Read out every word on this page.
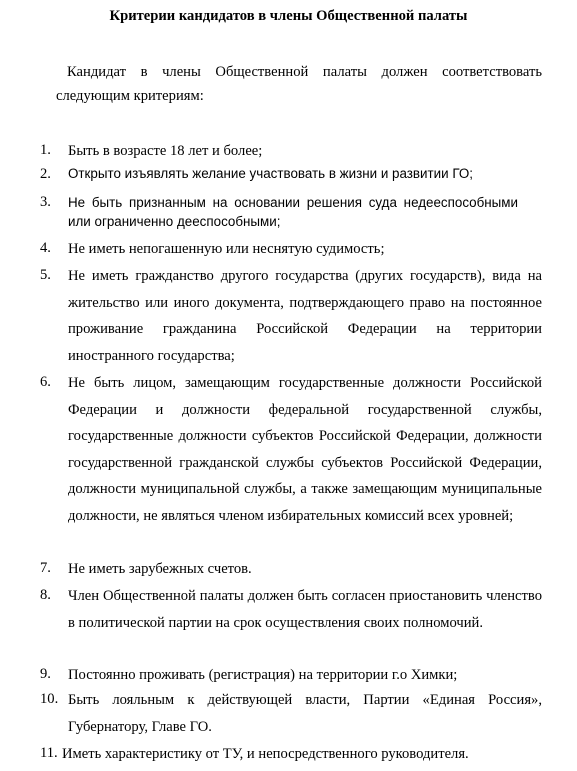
Критерии кандидатов в члены Общественной палаты
Кандидат в члены Общественной палаты должен соответствовать следующим критериям:
1.	Быть в возрасте 18 лет и более;
2.	Открыто изъявлять желание участвовать в жизни и развитии ГО;
3.	Не быть признанным на основании решения суда недееспособными или ограниченно дееспособными;
4.	Не иметь непогашенную или неснятую судимость;
5.	Не иметь гражданство другого государства (других государств), вида на жительство или иного документа, подтверждающего право на постоянное проживание гражданина Российской Федерации на территории иностранного государства;
6.	Не быть лицом, замещающим государственные должности Российской Федерации и должности федеральной государственной службы, государственные должности субъектов Российской Федерации, должности государственной гражданской службы субъектов Российской Федерации, должности муниципальной службы, а также замещающим муниципальные должности, не являться членом избирательных комиссий всех уровней;
7.	Не иметь зарубежных счетов.
8.	Член Общественной палаты должен быть согласен приостановить членство в политической партии на срок осуществления своих полномочий.
9.	Постоянно проживать (регистрация) на территории г.о Химки;
10. Быть лояльным к действующей власти, Партии «Единая Россия», Губернатору, Главе ГО.
11. Иметь характеристику от ТУ, и непосредственного руководителя.
